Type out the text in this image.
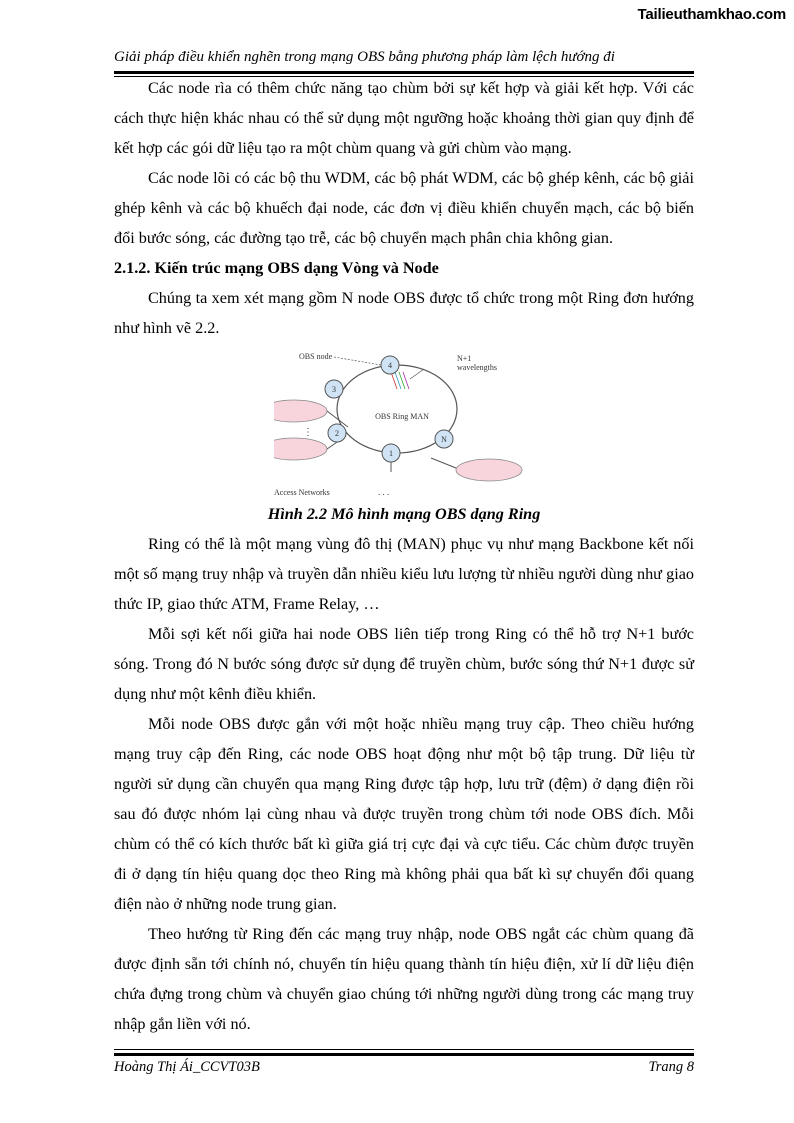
Tailieuthamkhao.com
Giải pháp điều khiển nghẽn trong mạng OBS bằng phương pháp làm lệch hướng đi

Các node rìa có thêm chức năng tạo chùm bởi sự kết hợp và giải kết hợp. Với các cách thực hiện khác nhau có thể sử dụng một ngưỡng hoặc khoảng thời gian quy định để kết hợp các gói dữ liệu tạo ra một chùm quang và gửi chùm vào mạng.

Các node lõi có các bộ thu WDM, các bộ phát WDM, các bộ ghép kênh, các bộ giải ghép kênh và các bộ khuếch đại node, các đơn vị điều khiển chuyển mạch, các bộ biến đổi bước sóng, các đường tạo trễ, các bộ chuyển mạch phân chia không gian.

2.1.2. Kiến trúc mạng OBS dạng Vòng và Node

Chúng ta xem xét mạng gồm N node OBS được tổ chức trong một Ring đơn hướng như hình vẽ 2.2.

4
3
2
1
N
OBS node	N+1
wavelengths
OBS Ring MAN
Access Networks
⋮
. . .

Hình 2.2 Mô hình mạng OBS dạng Ring

Ring có thể là một mạng vùng đô thị (MAN) phục vụ như mạng Backbone kết nối một số mạng truy nhập và truyền dẫn nhiều kiểu lưu lượng từ nhiều người dùng như giao thức IP, giao thức ATM, Frame Relay, …

Mỗi sợi kết nối giữa hai node OBS liên tiếp trong Ring có thể hỗ trợ N+1 bước sóng. Trong đó N bước sóng được sử dụng để truyền chùm, bước sóng thứ N+1 được sử dụng như một kênh điều khiển.

Mỗi node OBS được gắn với một hoặc nhiều mạng truy cập. Theo chiều hướng mạng truy cập đến Ring, các node OBS hoạt động như một bộ tập trung. Dữ liệu từ người sử dụng cần chuyển qua mạng Ring được tập hợp, lưu trữ (đệm) ở dạng điện rồi sau đó được nhóm lại cùng nhau và được truyền trong chùm tới node OBS đích. Mỗi chùm có thể có kích thước bất kì giữa giá trị cực đại và cực tiểu. Các chùm được truyền đi ở dạng tín hiệu quang dọc theo Ring mà không phải qua bất kì sự chuyển đổi quang điện nào ở những node trung gian.

Theo hướng từ Ring đến các mạng truy nhập, node OBS ngắt các chùm quang đã được định sẵn tới chính nó, chuyển tín hiệu quang thành tín hiệu điện, xử lí dữ liệu điện chứa đựng trong chùm và chuyển giao chúng tới những người dùng trong các mạng truy nhập gắn liền với nó.

Hoàng Thị Ái_CCVT03B	Trang 8
